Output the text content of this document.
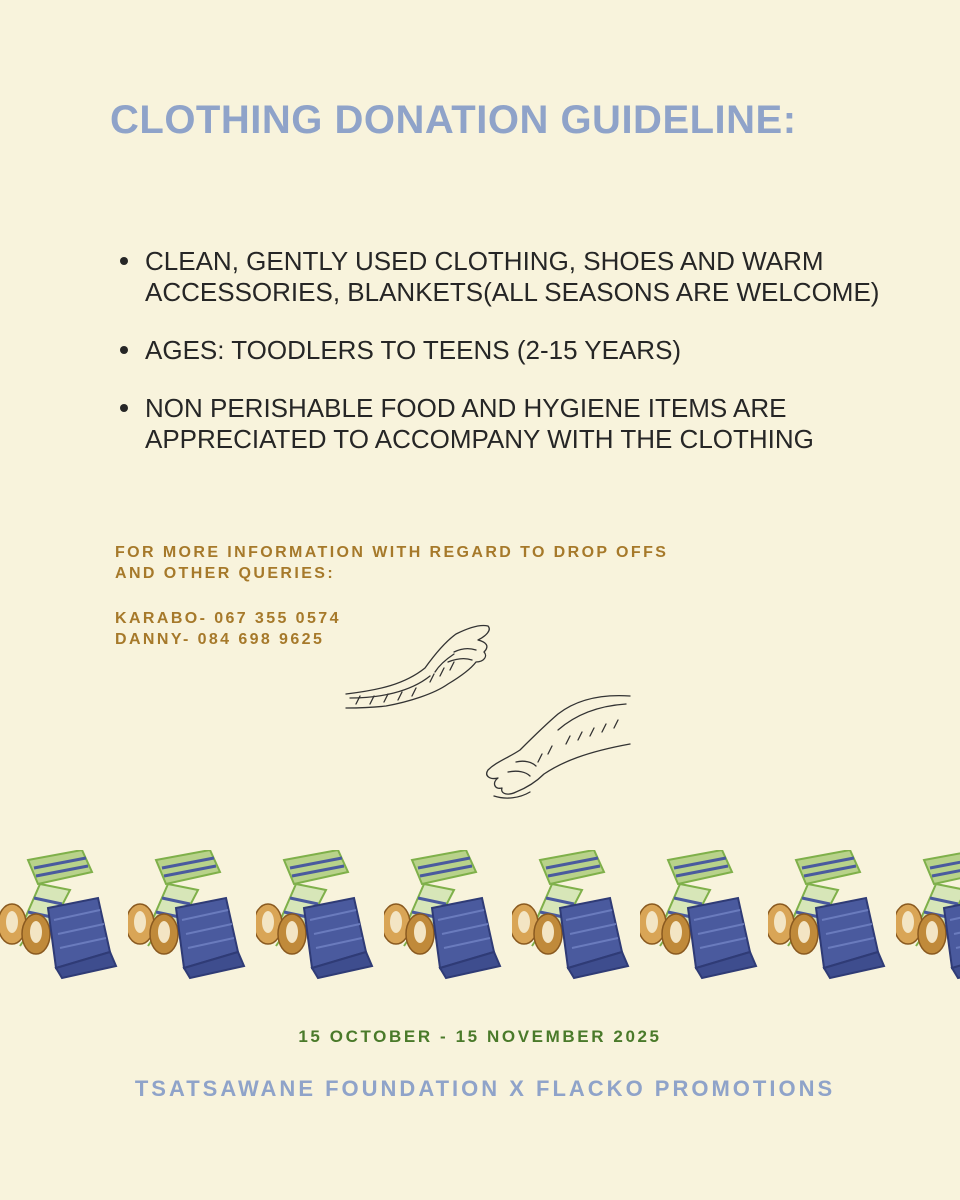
CLOTHING DONATION GUIDELINE:
CLEAN, GENTLY USED CLOTHING, SHOES AND WARM ACCESSORIES, BLANKETS(ALL SEASONS ARE WELCOME)
AGES: TOODLERS TO TEENS (2-15 YEARS)
NON PERISHABLE FOOD AND HYGIENE ITEMS ARE APPRECIATED TO ACCOMPANY WITH THE CLOTHING

FOR MORE INFORMATION WITH REGARD TO DROP OFFS

AND OTHER QUERIES:

KARABO- 067 355 0574

DANNY- 084 698 9625

15 OCTOBER - 15 NOVEMBER 2025
TSATSAWANE FOUNDATION X FLACKO PROMOTIONS
